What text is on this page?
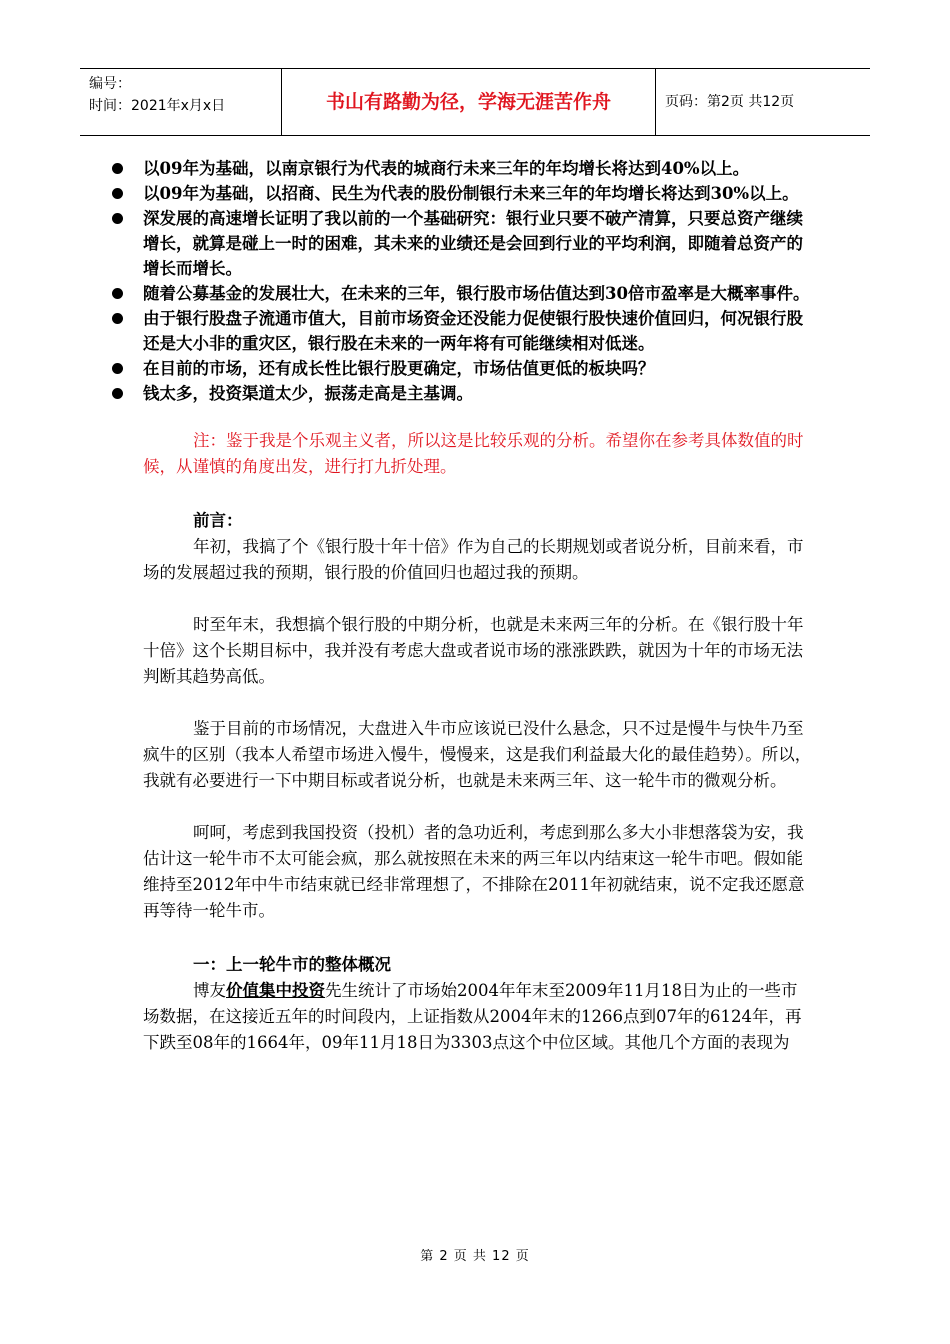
编号：
时间：2021年x月x日	书山有路勤为径，学海无涯苦作舟	页码：第2页 共12页
以09年为基础，以南京银行为代表的城商行未来三年的年均增长将达到40%以上。
以09年为基础，以招商、民生为代表的股份制银行未来三年的年均增长将达到30%以上。
深发展的高速增长证明了我以前的一个基础研究：银行业只要不破产清算，只要总资产继续增长，就算是碰上一时的困难，其未来的业绩还是会回到行业的平均利润，即随着总资产的增长而增长。
随着公募基金的发展壮大，在未来的三年，银行股市场估值达到30倍市盈率是大概率事件。
由于银行股盘子流通市值大，目前市场资金还没能力促使银行股快速价值回归，何况银行股还是大小非的重灾区，银行股在未来的一两年将有可能继续相对低迷。
在目前的市场，还有成长性比银行股更确定，市场估值更低的板块吗？
钱太多，投资渠道太少，振荡走高是主基调。

注：鉴于我是个乐观主义者，所以这是比较乐观的分析。希望你在参考具体数值的时候，从谨慎的角度出发，进行打九折处理。

前言：

年初，我搞了个《银行股十年十倍》作为自己的长期规划或者说分析，目前来看，市场的发展超过我的预期，银行股的价值回归也超过我的预期。

时至年末，我想搞个银行股的中期分析，也就是未来两三年的分析。在《银行股十年十倍》这个长期目标中，我并没有考虑大盘或者说市场的涨涨跌跌，就因为十年的市场无法判断其趋势高低。

鉴于目前的市场情况，大盘进入牛市应该说已没什么悬念，只不过是慢牛与快牛乃至疯牛的区别（我本人希望市场进入慢牛，慢慢来，这是我们利益最大化的最佳趋势）。所以，我就有必要进行一下中期目标或者说分析，也就是未来两三年、这一轮牛市的微观分析。

呵呵，考虑到我国投资（投机）者的急功近利，考虑到那么多大小非想落袋为安，我估计这一轮牛市不太可能会疯，那么就按照在未来的两三年以内结束这一轮牛市吧。假如能维持至2012年中牛市结束就已经非常理想了，不排除在2011年初就结束，说不定我还愿意再等待一轮牛市。

一：上一轮牛市的整体概况

博友价值集中投资先生统计了市场始2004年年末至2009年11月18日为止的一些市场数据，在这接近五年的时间段内，上证指数从2004年末的1266点到07年的6124年，再下跌至08年的1664年，09年11月18日为3303点这个中位区域。其他几个方面的表现为

第 2 页 共 12 页
